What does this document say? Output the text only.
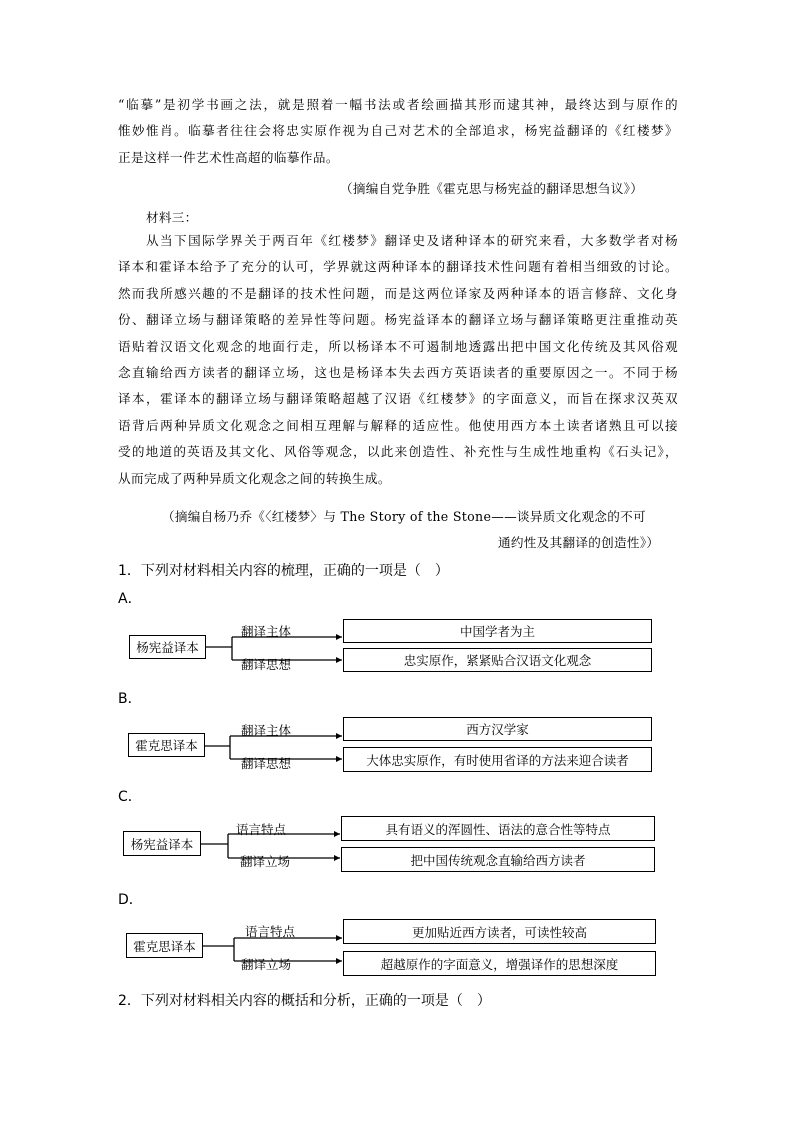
“临摹”是初学书画之法，就是照着一幅书法或者绘画描其形而逮其神，最终达到与原作的
惟妙惟肖。临摹者往往会将忠实原作视为自己对艺术的全部追求，杨宪益翻译的《红楼梦》
正是这样一件艺术性高超的临摹作品。
（摘编自党争胜《霍克思与杨宪益的翻译思想刍议》）
材料三：
从当下国际学界关于两百年《红楼梦》翻译史及诸种译本的研究来看，大多数学者对杨
译本和霍译本给予了充分的认可，学界就这两种译本的翻译技术性问题有着相当细致的讨论。
然而我所感兴趣的不是翻译的技术性问题，而是这两位译家及两种译本的语言修辞、文化身
份、翻译立场与翻译策略的差异性等问题。杨宪益译本的翻译立场与翻译策略更注重推动英
语贴着汉语文化观念的地面行走，所以杨译本不可遏制地透露出把中国文化传统及其风俗观
念直输给西方读者的翻译立场，这也是杨译本失去西方英语读者的重要原因之一。不同于杨
译本，霍译本的翻译立场与翻译策略超越了汉语《红楼梦》的字面意义，而旨在探求汉英双
语背后两种异质文化观念之间相互理解与解释的适应性。他使用西方本土读者诸熟且可以接
受的地道的英语及其文化、风俗等观念，以此来创造性、补充性与生成性地重构《石头记》，
从而完成了两种异质文化观念之间的转换生成。
（摘编自杨乃乔《〈红楼梦〉与 The Story of the Stone——谈异质文化观念的不可
通约性及其翻译的创造性》）
1．下列对材料相关内容的梳理，正确的一项是（　）
A．
B．
C．
D．
杨宪益译本
翻译主体
翻译思想
中国学者为主
忠实原作，紧紧贴合汉语文化观念
霍克思译本
翻译主体
翻译思想
西方汉学家
大体忠实原作，有时使用省译的方法来迎合读者
杨宪益译本
语言特点
翻译立场
具有语义的浑圆性、语法的意合性等特点
把中国传统观念直输给西方读者
霍克思译本
语言特点
翻译立场
更加贴近西方读者，可读性较高
超越原作的字面意义，增强译作的思想深度
2．下列对材料相关内容的概括和分析，正确的一项是（　）
